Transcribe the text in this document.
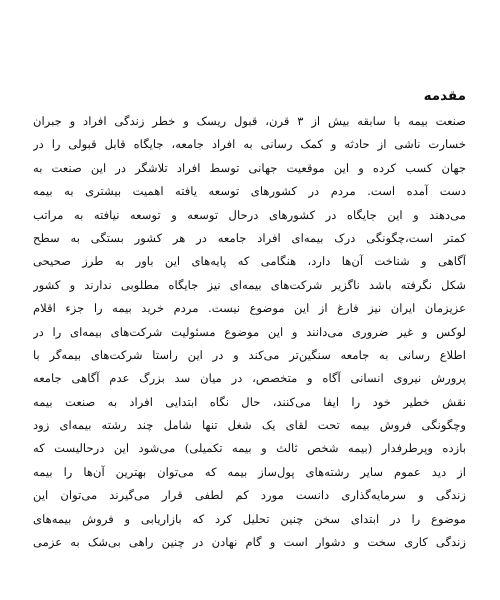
مقدمه
صنعت بیمه با سابقه بیش از ۳ قرن، قبول ریسک و خطر زندگی افراد و جبران
خسارت ناشی از حادثه و کمک رسانی به افراد جامعه، جایگاه قابل قبولی را در
جهان کسب کرده و این موقعیت جهانی توسط افراد تلاشگر در این صنعت به
دست آمده است. مردم در کشورهای توسعه یافته اهمیت بیشتری به بیمه
می‌دهند و این جایگاه در کشورهای درحال توسعه و توسعه نیافته به مراتب
کمتر است،چگونگی درک بیمه‌ای افراد جامعه در هر کشور بستگی به سطح
آگاهی و شناخت آن‌ها دارد، هنگامی که پایه‌های این باور به طرز صحیحی
شکل نگرفته باشد ناگزیر شرکت‌های بیمه‌ای نیز جایگاه مطلوبی ندارند و کشور
عزیزمان ایران نیز فارغ از این موضوع نیست. مردم خرید بیمه را جزء اقلام
لوکس و غیر ضروری می‌دانند و این موضوع مسئولیت شرکت‌های بیمه‌ای را در
اطلاع رسانی به جامعه سنگین‌تر می‌کند و در این راستا شرکت‌های بیمه‌گر با
پرورش نیروی انسانی آگاه و متخصص، در میان سد بزرگ عدم آگاهی جامعه
نقش خطیر خود را ایفا می‌کنند، حال نگاه ابتدایی افراد به صنعت بیمه
وچگونگی فروش بیمه تحت لقای یک شغل تنها شامل چند رشته بیمه‌ای زود
بازده وپرطرفدار (بیمه شخص ثالث و بیمه تکمیلی) می‌شود این درحالیست که
از دید عموم سایر رشته‌های پول‌ساز بیمه که می‌توان بهترین آن‌ها را بیمه
زندگی و سرمایه‌گذاری دانست مورد کم لطفی قرار می‌گیرند می‌توان این
موضوع را در ابتدای سخن چنین تحلیل کرد که بازاریابی و فروش بیمه‌های
زندگی کاری سخت و دشوار است و گام نهادن در چنین راهی بی‌شک به عزمی
